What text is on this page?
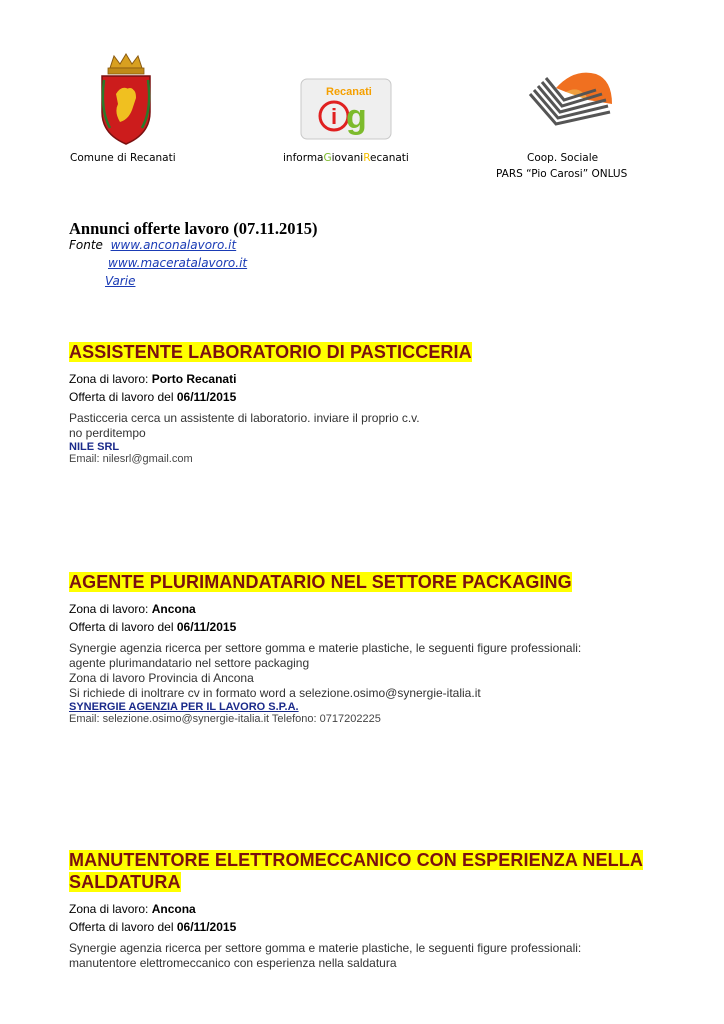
Recanati
i g
Comune di Recanati	informaGiovaniRecanati	Coop. Sociale
PARS “Pio Carosi” ONLUS
Annunci offerte lavoro (07.11.2015)
Fonte www.anconalavoro.it
www.maceratalavoro.it
Varie
ASSISTENTE LABORATORIO DI PASTICCERIA
Zona di lavoro: Porto Recanati
Offerta di lavoro del 06/11/2015
Pasticceria cerca un assistente di laboratorio. inviare il proprio c.v.
no perditempo
NILE SRL
Email: nilesrl@gmail.com
AGENTE PLURIMANDATARIO NEL SETTORE PACKAGING
Zona di lavoro: Ancona
Offerta di lavoro del 06/11/2015
Synergie agenzia ricerca per settore gomma e materie plastiche, le seguenti figure professionali:
agente plurimandatario nel settore packaging
Zona di lavoro Provincia di Ancona
Si richiede di inoltrare cv in formato word a selezione.osimo@synergie-italia.it
SYNERGIE AGENZIA PER IL LAVORO S.P.A.
Email: selezione.osimo@synergie-italia.it Telefono: 0717202225
MANUTENTORE ELETTROMECCANICO CON ESPERIENZA NELLA
SALDATURA
Zona di lavoro: Ancona
Offerta di lavoro del 06/11/2015
Synergie agenzia ricerca per settore gomma e materie plastiche, le seguenti figure professionali:
manutentore elettromeccanico con esperienza nella saldatura
